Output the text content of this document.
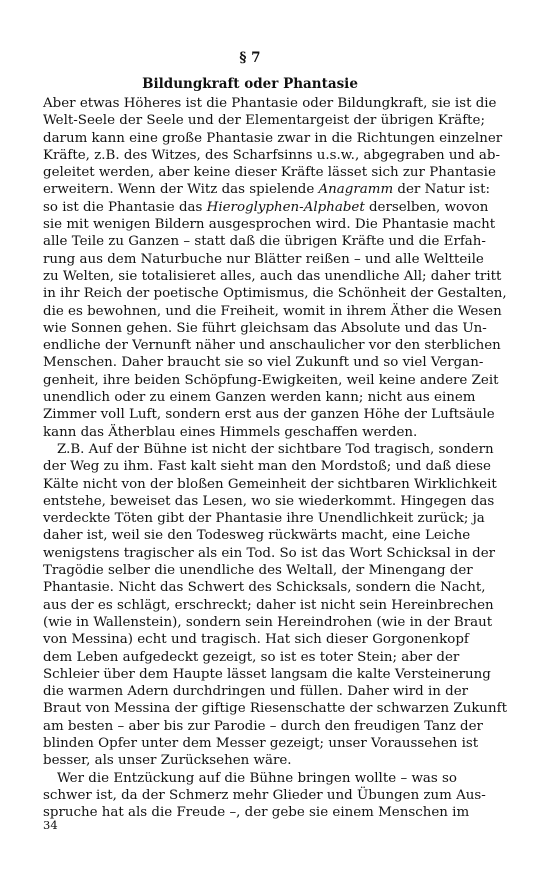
§ 7
Bildungkraft oder Phantasie
Aber etwas Höheres ist die Phantasie oder Bildungkraft, sie ist die
Welt-Seele der Seele und der Elementargeist der übrigen Kräfte;
darum kann eine große Phantasie zwar in die Richtungen einzelner
Kräfte, z.B. des Witzes, des Scharfsinns u.s.w., abgegraben und ab-
geleitet werden, aber keine dieser Kräfte lässet sich zur Phantasie
erweitern. Wenn der Witz das spielende Anagramm der Natur ist:
so ist die Phantasie das Hieroglyphen-Alphabet derselben, wovon
sie mit wenigen Bildern ausgesprochen wird. Die Phantasie macht
alle Teile zu Ganzen – statt daß die übrigen Kräfte und die Erfah-
rung aus dem Naturbuche nur Blätter reißen – und alle Weltteile
zu Welten, sie totalisieret alles, auch das unendliche All; daher tritt
in ihr Reich der poetische Optimismus, die Schönheit der Gestalten,
die es bewohnen, und die Freiheit, womit in ihrem Äther die Wesen
wie Sonnen gehen. Sie führt gleichsam das Absolute und das Un-
endliche der Vernunft näher und anschaulicher vor den sterblichen
Menschen. Daher braucht sie so viel Zukunft und so viel Vergan-
genheit, ihre beiden Schöpfung-Ewigkeiten, weil keine andere Zeit
unendlich oder zu einem Ganzen werden kann; nicht aus einem
Zimmer voll Luft, sondern erst aus der ganzen Höhe der Luftsäule
kann das Ätherblau eines Himmels geschaffen werden.
Z.B. Auf der Bühne ist nicht der sichtbare Tod tragisch, sondern
der Weg zu ihm. Fast kalt sieht man den Mordstoß; und daß diese
Kälte nicht von der bloßen Gemeinheit der sichtbaren Wirklichkeit
entstehe, beweiset das Lesen, wo sie wiederkommt. Hingegen das
verdeckte Töten gibt der Phantasie ihre Unendlichkeit zurück; ja
daher ist, weil sie den Todesweg rückwärts macht, eine Leiche
wenigstens tragischer als ein Tod. So ist das Wort Schicksal in der
Tragödie selber die unendliche des Weltall, der Minengang der
Phantasie. Nicht das Schwert des Schicksals, sondern die Nacht,
aus der es schlägt, erschreckt; daher ist nicht sein Hereinbrechen
(wie in Wallenstein), sondern sein Hereindrohen (wie in der Braut
von Messina) echt und tragisch. Hat sich dieser Gorgonenkopf
dem Leben aufgedeckt gezeigt, so ist es toter Stein; aber der
Schleier über dem Haupte lässet langsam die kalte Versteinerung
die warmen Adern durchdringen und füllen. Daher wird in der
Braut von Messina der giftige Riesenschatte der schwarzen Zukunft
am besten – aber bis zur Parodie – durch den freudigen Tanz der
blinden Opfer unter dem Messer gezeigt; unser Voraussehen ist
besser, als unser Zurücksehen wäre.
Wer die Entzückung auf die Bühne bringen wollte – was so
schwer ist, da der Schmerz mehr Glieder und Übungen zum Aus-
spruche hat als die Freude –, der gebe sie einem Menschen im
34
